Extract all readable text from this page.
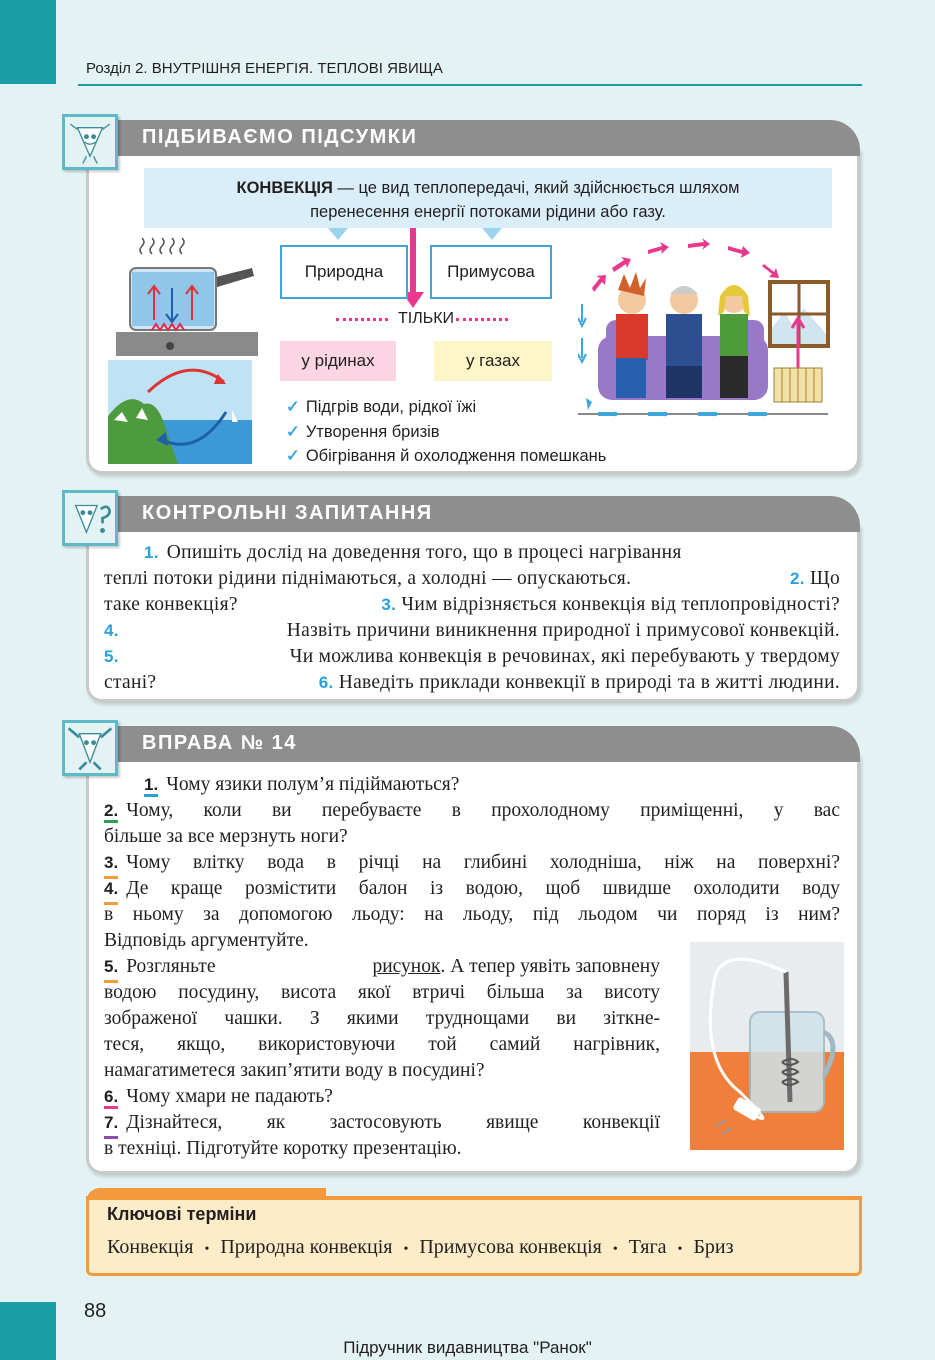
Розділ 2. ВНУТРІШНЯ ЕНЕРГІЯ. ТЕПЛОВІ ЯВИЩА
ПІДБИВАЄМО ПІДСУМКИ
КОНВЕКЦІЯ — це вид теплопередачі, який здійснюється шляхом
перенесення енергії потоками рідини або газу.
Природна	Примусова
ТІЛЬКИ
у рідинах	у газах
✓ Підгрів води, рідкої їжі
✓ Утворення бризів
✓ Обігрівання й охолодження помешкань
КОНТРОЛЬНІ ЗАПИТАННЯ
1. Опишіть дослід на доведення того, що в процесі нагрівання
теплі потоки рідини піднімаються, а холодні — опускаються.	2. Що
таке конвекція?	3. Чим відрізняється конвекція від теплопровідності?
4.	Назвіть причини виникнення природної і примусової конвекцій.
5.	Чи можлива конвекція в речовинах, які перебувають у твердому
стані?	6. Наведіть приклади конвекції в природі та в житті людини.
ВПРАВА № 14
1. Чому язики полум’я підіймаються?
2. Чому, коли ви перебуваєте в прохолодному приміщенні, у вас
більше за все мерзнуть ноги?
3. Чому влітку вода в річці на глибині холодніша, ніж на поверхні?
4. Де краще розмістити балон із водою, щоб швидше охолодити воду
в ньому за допомогою льоду: на льоду, під льодом чи поряд із ним?
Відповідь аргументуйте.
5. Розгляньте	рисунок. А тепер уявіть заповнену
водою посудину, висота якої втричі більша за висоту
зображеної чашки. З якими труднощами ви зіткне-
теся, якщо, використовуючи той самий нагрівник,
намагатиметеся закип’ятити воду в посудині?
6. Чому хмари не падають?
7. Дізнайтеся, як застосовують явище конвекції
в техніці. Підготуйте коротку презентацію.
Ключові терміни
Конвекція • Природна конвекція • Примусова конвекція • Тяга • Бриз
88
Підручник видавництва "Ранок"
